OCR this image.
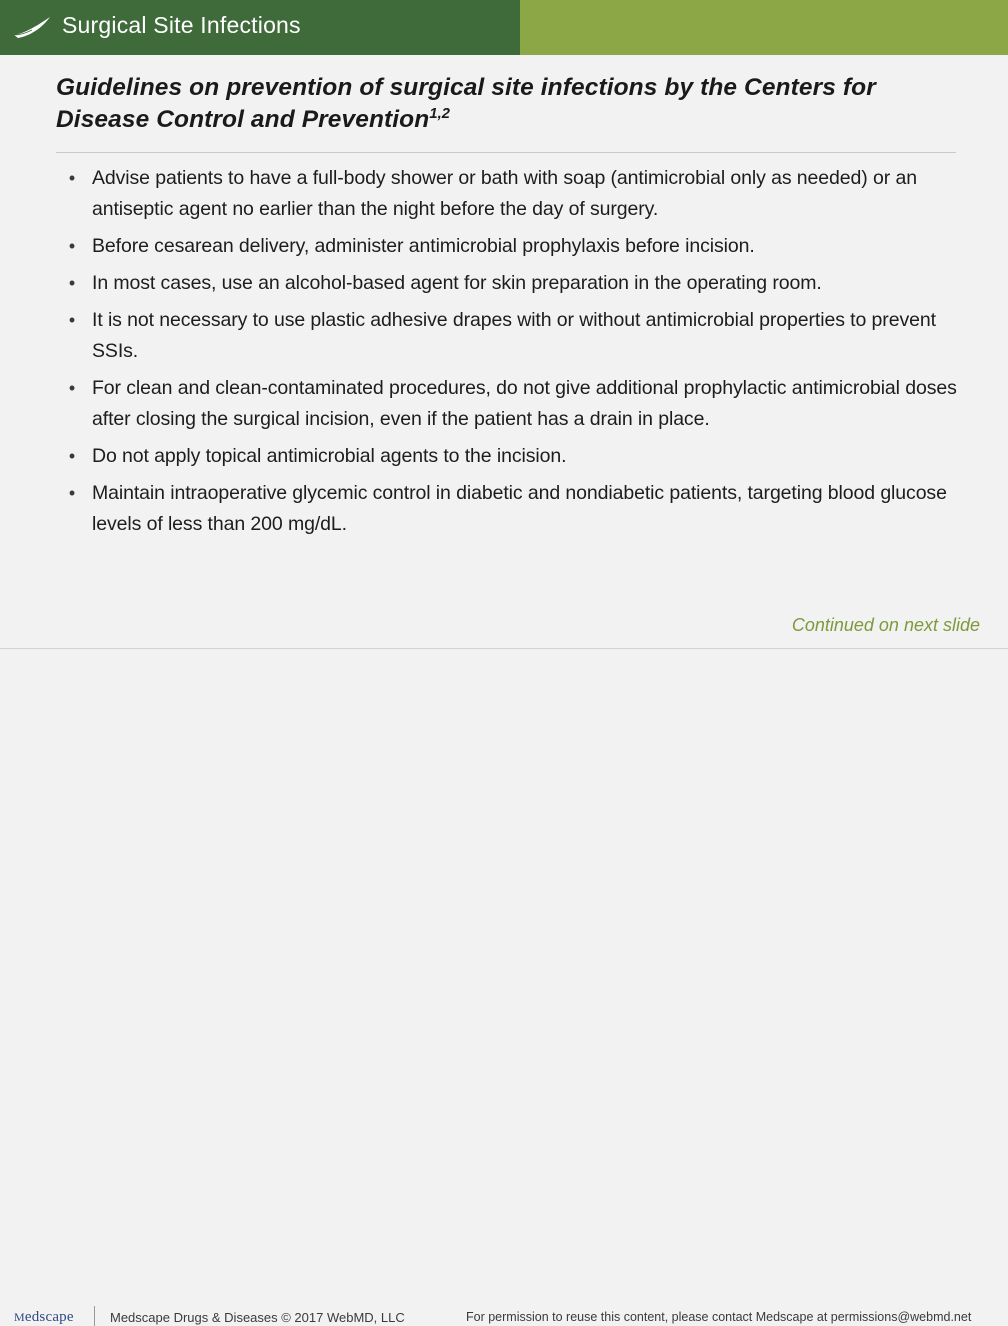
Surgical Site Infections
Guidelines on prevention of surgical site infections by the Centers for Disease Control and Prevention$^{1,2}$
• Advise patients to have a full-body shower or bath with soap (antimicrobial only as needed) or an antiseptic agent no earlier than the night before the day of surgery.
• Before cesarean delivery, administer antimicrobial prophylaxis before incision.
• In most cases, use an alcohol-based agent for skin preparation in the operating room.
• It is not necessary to use plastic adhesive drapes with or without antimicrobial properties to prevent SSIs.
• For clean and clean-contaminated procedures, do not give additional prophylactic antimicrobial doses after closing the surgical incision, even if the patient has a drain in place.
• Do not apply topical antimicrobial agents to the incision.
• Maintain intraoperative glycemic control in diabetic and nondiabetic patients, targeting blood glucose levels of less than 200 mg/dL.
Continued on next slide
Medscape	Medscape Drugs & Diseases © 2017 WebMD, LLC	For permission to reuse this content, please contact Medscape at permissions@webmd.net
